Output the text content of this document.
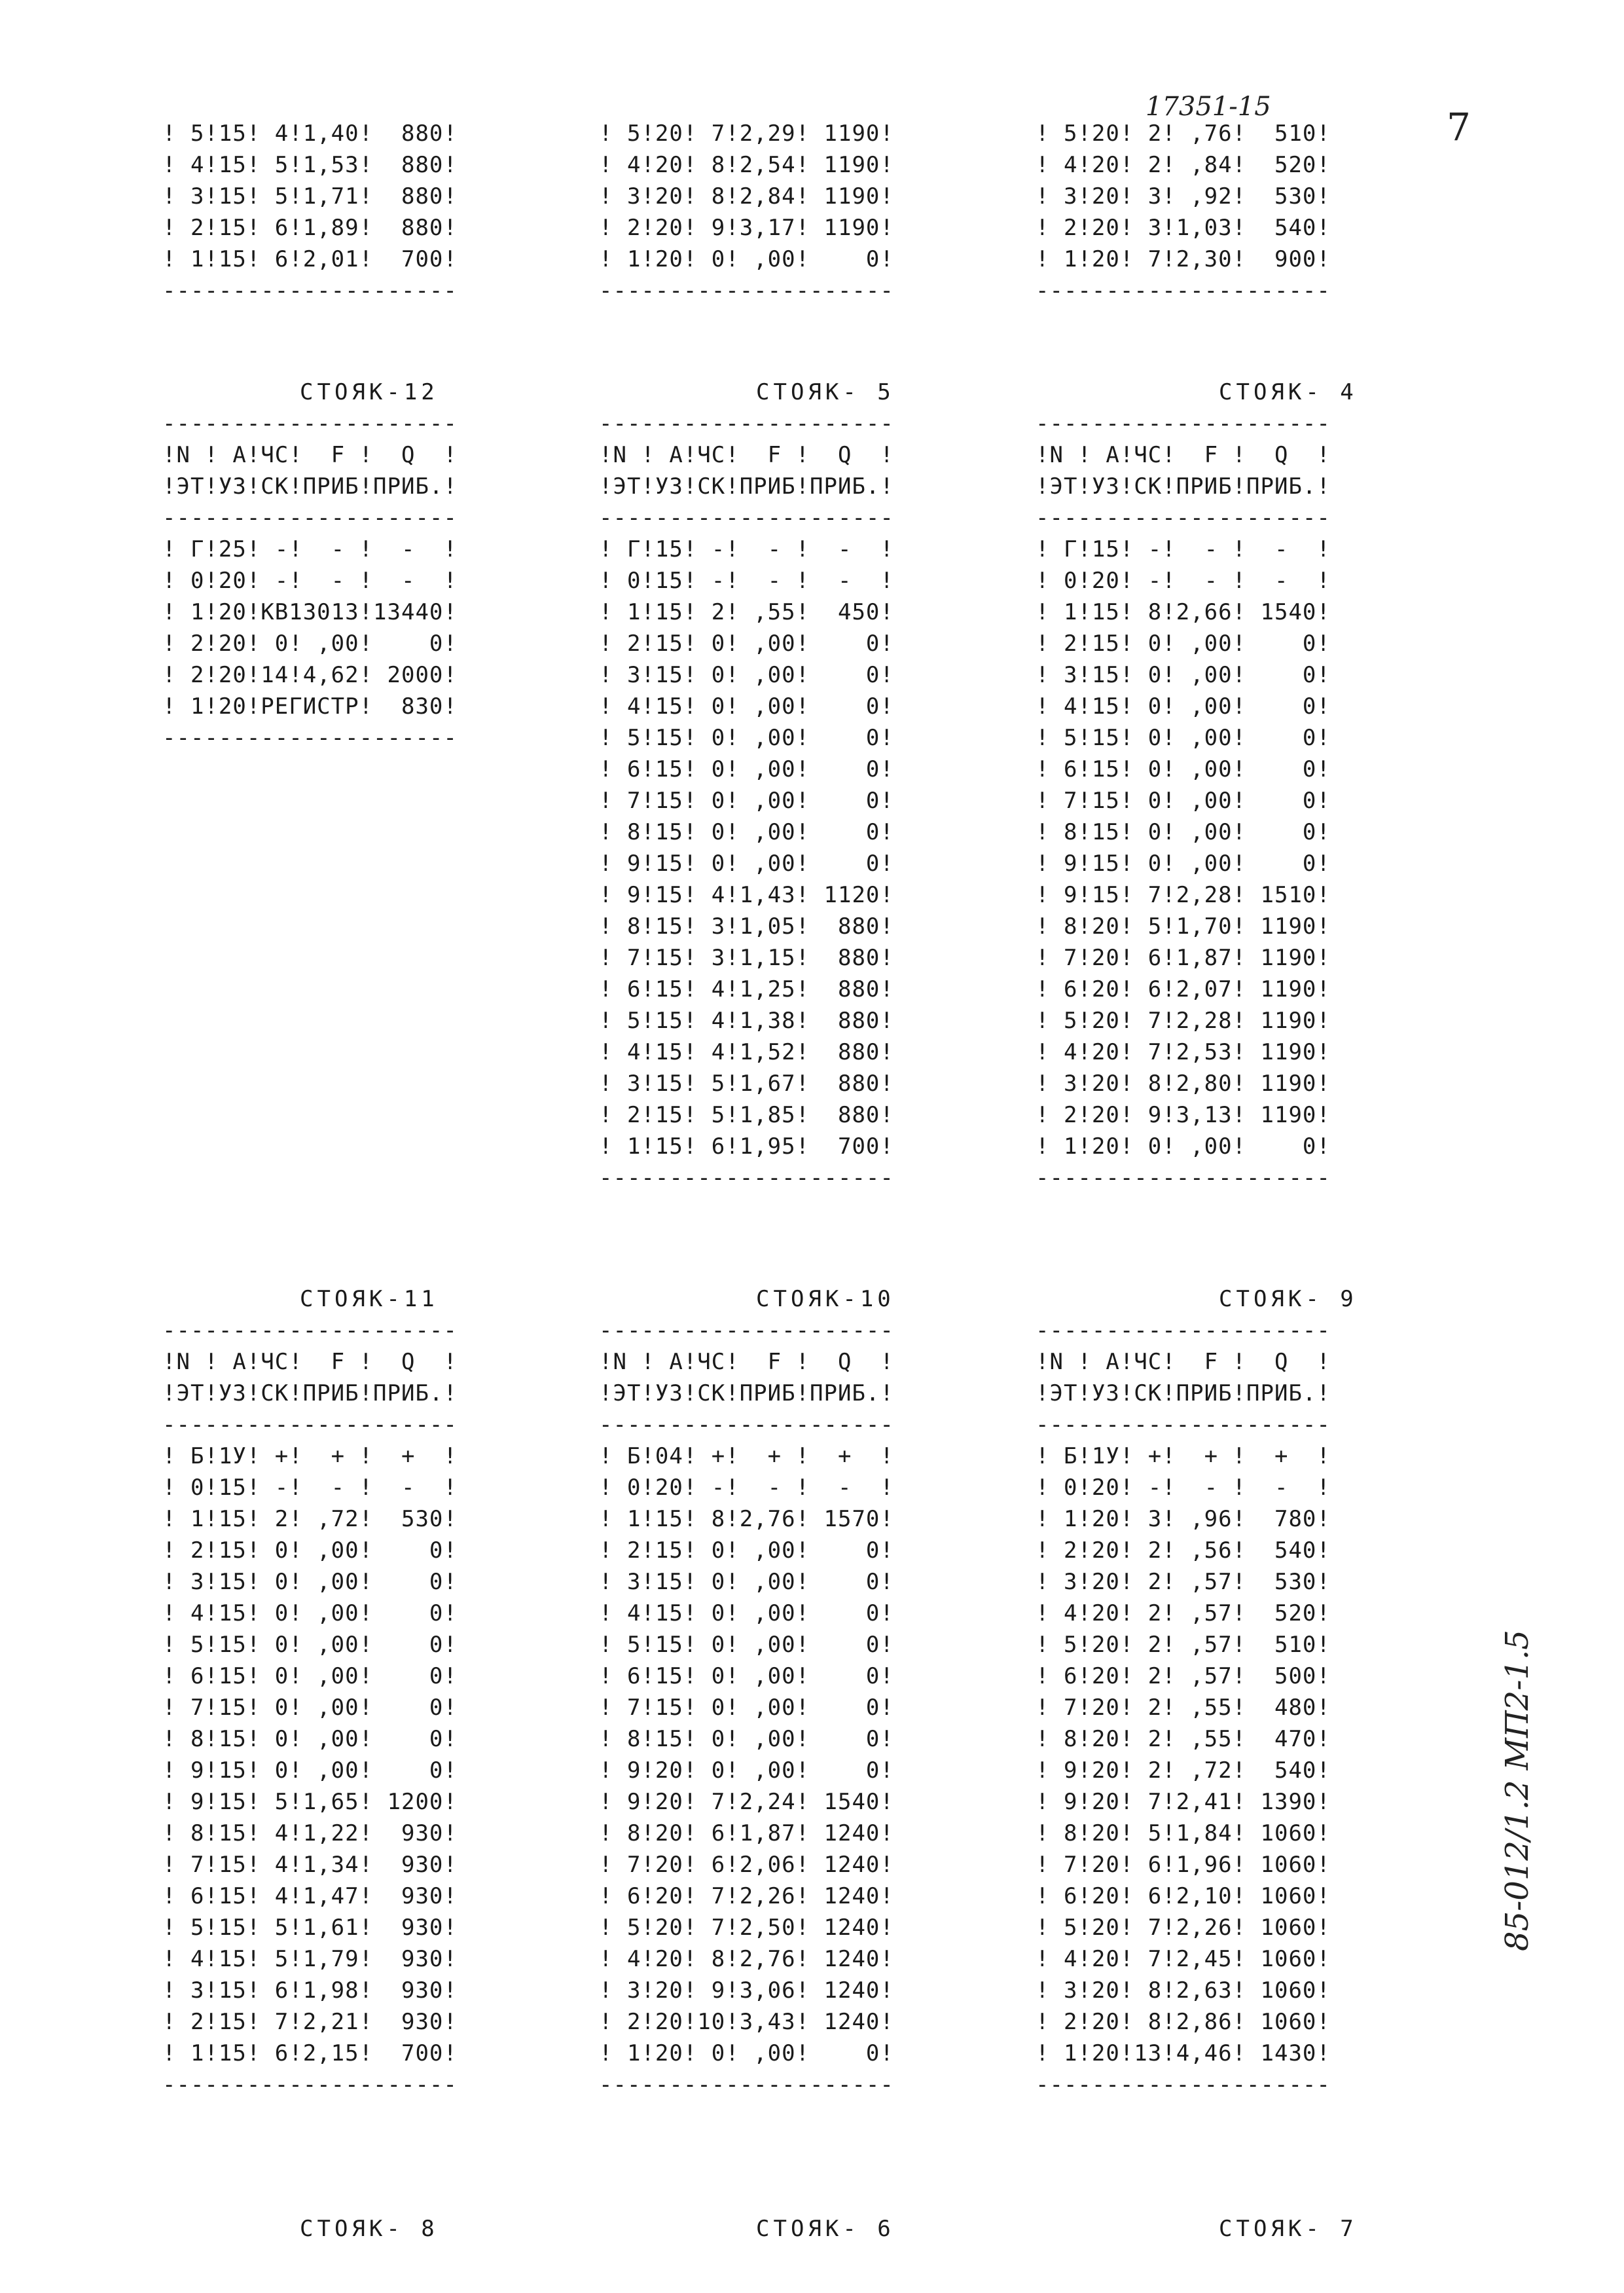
17351-15	7
85-012/1.2 МП2-1.5
! 5!15! 4!1,40!  880!
! 4!15! 5!1,53!  880!
! 3!15! 5!1,71!  880!
! 2!15! 6!1,89!  880!
! 1!15! 6!2,01!  700!
---------------------
! 5!20! 7!2,29! 1190!
! 4!20! 8!2,54! 1190!
! 3!20! 8!2,84! 1190!
! 2!20! 9!3,17! 1190!
! 1!20! 0! ,00!    0!
---------------------
! 5!20! 2! ,76!  510!
! 4!20! 2! ,84!  520!
! 3!20! 3! ,92!  530!
! 2!20! 3!1,03!  540!
! 1!20! 7!2,30!  900!
---------------------
СТОЯК-12
---------------------
!N ! А!ЧС!  F !  Q  !
!ЭТ!УЗ!СК!ПРИБ!ПРИБ.!
---------------------
! Г!25! -!  - !  -  !
! 0!20! -!  - !  -  !
! 1!20!КВ13013!13440!
! 2!20! 0! ,00!    0!
! 2!20!14!4,62! 2000!
! 1!20!РЕГИСТР!  830!
---------------------
СТОЯК- 5
---------------------
!N ! А!ЧС!  F !  Q  !
!ЭТ!УЗ!СК!ПРИБ!ПРИБ.!
---------------------
! Г!15! -!  - !  -  !
! 0!15! -!  - !  -  !
! 1!15! 2! ,55!  450!
! 2!15! 0! ,00!    0!
! 3!15! 0! ,00!    0!
! 4!15! 0! ,00!    0!
! 5!15! 0! ,00!    0!
! 6!15! 0! ,00!    0!
! 7!15! 0! ,00!    0!
! 8!15! 0! ,00!    0!
! 9!15! 0! ,00!    0!
! 9!15! 4!1,43! 1120!
! 8!15! 3!1,05!  880!
! 7!15! 3!1,15!  880!
! 6!15! 4!1,25!  880!
! 5!15! 4!1,38!  880!
! 4!15! 4!1,52!  880!
! 3!15! 5!1,67!  880!
! 2!15! 5!1,85!  880!
! 1!15! 6!1,95!  700!
---------------------
СТОЯК- 4
---------------------
!N ! А!ЧС!  F !  Q  !
!ЭТ!УЗ!СК!ПРИБ!ПРИБ.!
---------------------
! Г!15! -!  - !  -  !
! 0!20! -!  - !  -  !
! 1!15! 8!2,66! 1540!
! 2!15! 0! ,00!    0!
! 3!15! 0! ,00!    0!
! 4!15! 0! ,00!    0!
! 5!15! 0! ,00!    0!
! 6!15! 0! ,00!    0!
! 7!15! 0! ,00!    0!
! 8!15! 0! ,00!    0!
! 9!15! 0! ,00!    0!
! 9!15! 7!2,28! 1510!
! 8!20! 5!1,70! 1190!
! 7!20! 6!1,87! 1190!
! 6!20! 6!2,07! 1190!
! 5!20! 7!2,28! 1190!
! 4!20! 7!2,53! 1190!
! 3!20! 8!2,80! 1190!
! 2!20! 9!3,13! 1190!
! 1!20! 0! ,00!    0!
---------------------
СТОЯК-11
---------------------
!N ! А!ЧС!  F !  Q  !
!ЭТ!УЗ!СК!ПРИБ!ПРИБ.!
---------------------
! Б!1У! +!  + !  +  !
! 0!15! -!  - !  -  !
! 1!15! 2! ,72!  530!
! 2!15! 0! ,00!    0!
! 3!15! 0! ,00!    0!
! 4!15! 0! ,00!    0!
! 5!15! 0! ,00!    0!
! 6!15! 0! ,00!    0!
! 7!15! 0! ,00!    0!
! 8!15! 0! ,00!    0!
! 9!15! 0! ,00!    0!
! 9!15! 5!1,65! 1200!
! 8!15! 4!1,22!  930!
! 7!15! 4!1,34!  930!
! 6!15! 4!1,47!  930!
! 5!15! 5!1,61!  930!
! 4!15! 5!1,79!  930!
! 3!15! 6!1,98!  930!
! 2!15! 7!2,21!  930!
! 1!15! 6!2,15!  700!
---------------------
СТОЯК-10
---------------------
!N ! А!ЧС!  F !  Q  !
!ЭТ!УЗ!СК!ПРИБ!ПРИБ.!
---------------------
! Б!04! +!  + !  +  !
! 0!20! -!  - !  -  !
! 1!15! 8!2,76! 1570!
! 2!15! 0! ,00!    0!
! 3!15! 0! ,00!    0!
! 4!15! 0! ,00!    0!
! 5!15! 0! ,00!    0!
! 6!15! 0! ,00!    0!
! 7!15! 0! ,00!    0!
! 8!15! 0! ,00!    0!
! 9!20! 0! ,00!    0!
! 9!20! 7!2,24! 1540!
! 8!20! 6!1,87! 1240!
! 7!20! 6!2,06! 1240!
! 6!20! 7!2,26! 1240!
! 5!20! 7!2,50! 1240!
! 4!20! 8!2,76! 1240!
! 3!20! 9!3,06! 1240!
! 2!20!10!3,43! 1240!
! 1!20! 0! ,00!    0!
---------------------
СТОЯК- 9
---------------------
!N ! А!ЧС!  F !  Q  !
!ЭТ!УЗ!СК!ПРИБ!ПРИБ.!
---------------------
! Б!1У! +!  + !  +  !
! 0!20! -!  - !  -  !
! 1!20! 3! ,96!  780!
! 2!20! 2! ,56!  540!
! 3!20! 2! ,57!  530!
! 4!20! 2! ,57!  520!
! 5!20! 2! ,57!  510!
! 6!20! 2! ,57!  500!
! 7!20! 2! ,55!  480!
! 8!20! 2! ,55!  470!
! 9!20! 2! ,72!  540!
! 9!20! 7!2,41! 1390!
! 8!20! 5!1,84! 1060!
! 7!20! 6!1,96! 1060!
! 6!20! 6!2,10! 1060!
! 5!20! 7!2,26! 1060!
! 4!20! 7!2,45! 1060!
! 3!20! 8!2,63! 1060!
! 2!20! 8!2,86! 1060!
! 1!20!13!4,46! 1430!
---------------------
СТОЯК- 8	СТОЯК- 6	СТОЯК- 7
